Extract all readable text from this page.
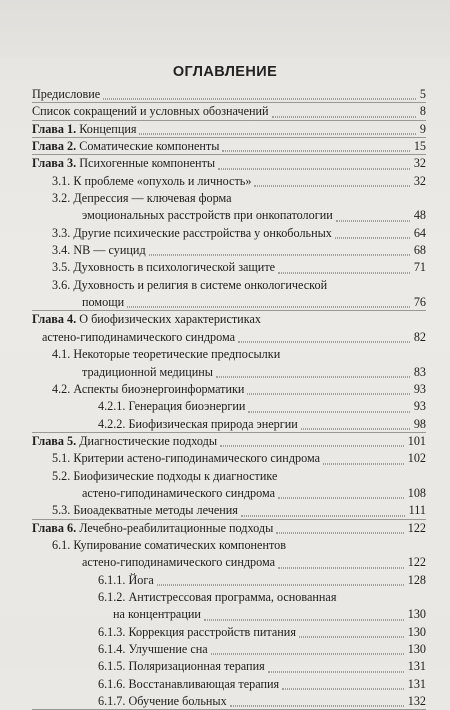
ОГЛАВЛЕНИЕ
Предисловие	5
Список сокращений и условных обозначений	8
Глава 1. Концепция	9
Глава 2. Соматические компоненты	15
Глава 3. Психогенные компоненты	32
3.1. К проблеме «опухоль и личность»	32
3.2. Депрессия — ключевая форма
эмоциональных расстройств при онкопатологии	48
3.3. Другие психические расстройства у онкобольных	64
3.4. NB — суицид	68
3.5. Духовность в психологической защите	71
3.6. Духовность и религия в системе онкологической
помощи	76
Глава 4. О биофизических характеристиках
астено-гиподинамического синдрома	82
4.1. Некоторые теоретические предпосылки
традиционной медицины	83
4.2. Аспекты биоэнергоинформатики	93
4.2.1. Генерация биоэнергии	93
4.2.2. Биофизическая природа энергии	98
Глава 5. Диагностические подходы	101
5.1. Критерии астено-гиподинамического синдрома	102
5.2. Биофизические подходы к диагностике
астено-гиподинамического синдрома	108
5.3. Биоадекватные методы лечения	111
Глава 6. Лечебно-реабилитационные подходы	122
6.1. Купирование соматических компонентов
астено-гиподинамического синдрома	122
6.1.1. Йога	128
6.1.2. Антистрессовая программа, основанная
на концентрации	130
6.1.3. Коррекция расстройств питания	130
6.1.4. Улучшение сна	130
6.1.5. Поляризационная терапия	131
6.1.6. Восстанавливающая терапия	131
6.1.7. Обучение больных	132
